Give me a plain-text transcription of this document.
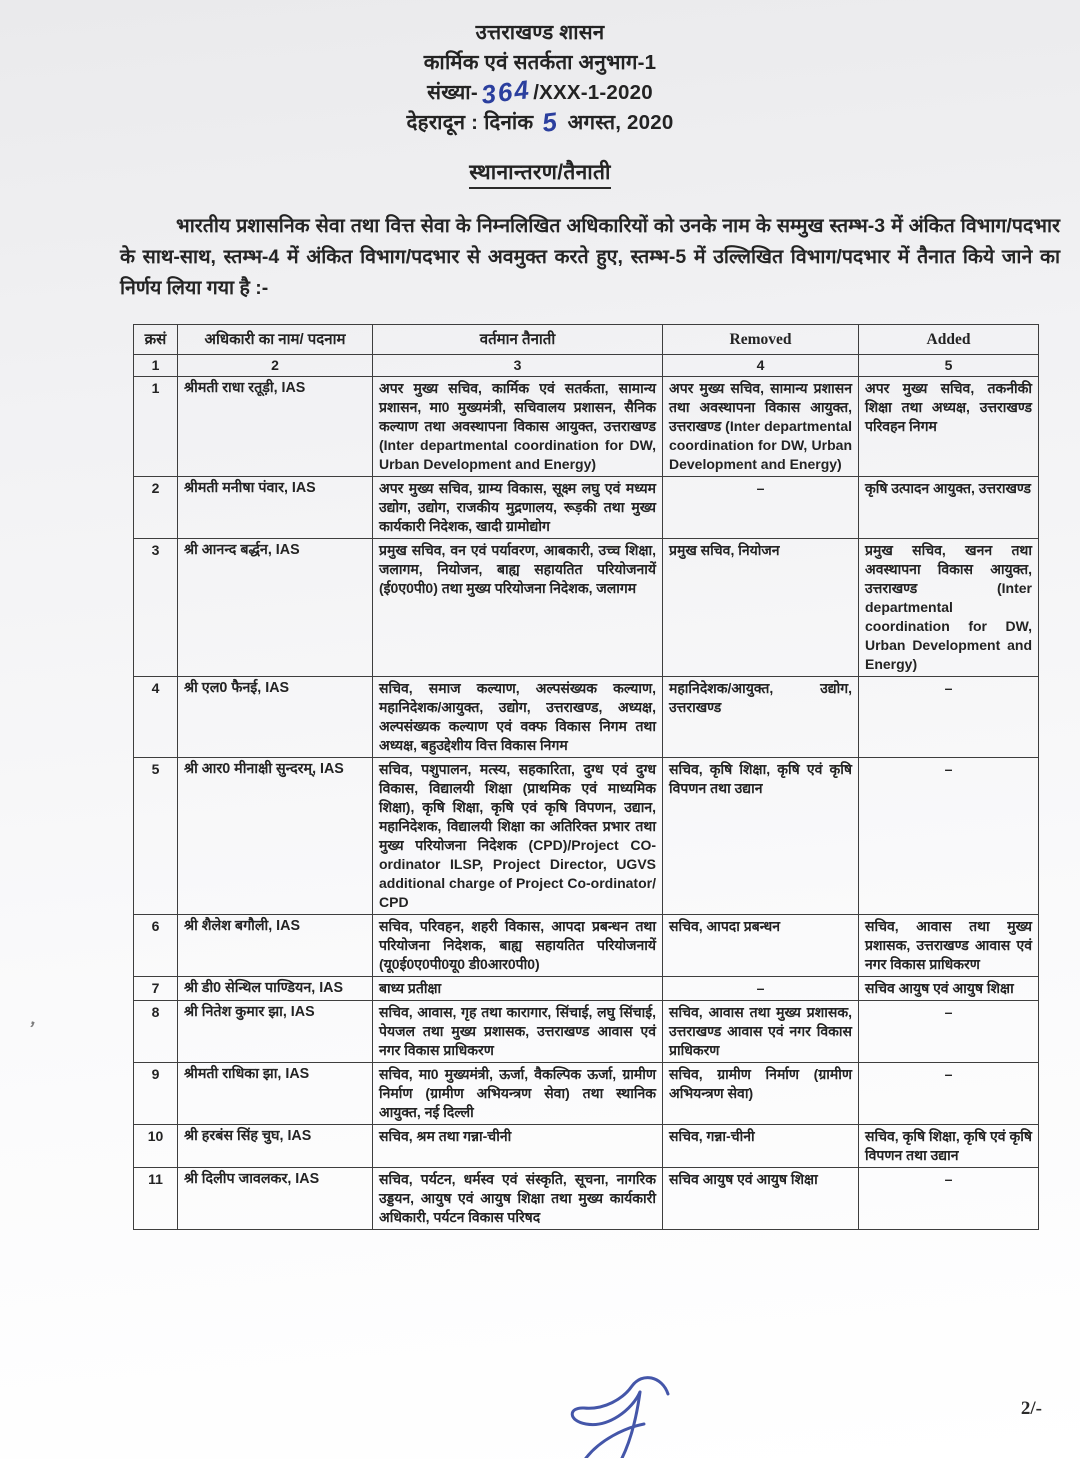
उत्तराखण्ड शासन
कार्मिक एवं सतर्कता अनुभाग-1
संख्या-364/XXX-1-2020
देहरादून : दिनांक 5 अगस्त, 2020
स्थानान्तरण/तैनाती

भारतीय प्रशासनिक सेवा तथा वित्त सेवा के निम्नलिखित अधिकारियों को उनके नाम के सम्मुख स्तम्भ-3 में अंकित विभाग/पदभार के साथ-साथ, स्तम्भ-4 में अंकित विभाग/पदभार से अवमुक्त करते हुए, स्तम्भ-5 में उल्लिखित विभाग/पदभार में तैनात किये जाने का निर्णय लिया गया है :-

क्रसं	अधिकारी का नाम/ पदनाम	वर्तमान तैनाती	Removed	Added
1	2	3	4	5
1	श्रीमती राधा रतूड़ी, IAS	अपर मुख्य सचिव, कार्मिक एवं सतर्कता, सामान्य प्रशासन, मा0 मुख्यमंत्री, सचिवालय प्रशासन, सैनिक कल्याण तथा अवस्थापना विकास आयुक्त, उत्तराखण्ड (Inter departmental coordination for DW, Urban Development and Energy)	अपर मुख्य सचिव, सामान्य प्रशासन तथा अवस्थापना विकास आयुक्त, उत्तराखण्ड (Inter departmental coordination for DW, Urban Development and Energy)	अपर मुख्य सचिव, तकनीकी शिक्षा तथा अध्यक्ष, उत्तराखण्ड परिवहन निगम
2	श्रीमती मनीषा पंवार, IAS	अपर मुख्य सचिव, ग्राम्य विकास, सूक्ष्म लघु एवं मध्यम उद्योग, उद्योग, राजकीय मुद्रणालय, रूड़की तथा मुख्य कार्यकारी निदेशक, खादी ग्रामोद्योग	–	कृषि उत्पादन आयुक्त, उत्तराखण्ड
3	श्री आनन्द बर्द्धन, IAS	प्रमुख सचिव, वन एवं पर्यावरण, आबकारी, उच्च शिक्षा, जलागम, नियोजन, बाह्य सहायतित परियोजनायें (ई0ए0पी0) तथा मुख्य परियोजना निदेशक, जलागम	प्रमुख सचिव, नियोजन	प्रमुख सचिव, खनन तथा अवस्थापना विकास आयुक्त, उत्तराखण्ड (Inter departmental coordination for DW, Urban Development and Energy)
4	श्री एल0 फैनई, IAS	सचिव, समाज कल्याण, अल्पसंख्यक कल्याण, महानिदेशक/आयुक्त, उद्योग, उत्तराखण्ड, अध्यक्ष, अल्पसंख्यक कल्याण एवं वक्फ विकास निगम तथा अध्यक्ष, बहुउद्देशीय वित्त विकास निगम	महानिदेशक/आयुक्त, उद्योग, उत्तराखण्ड	–
5	श्री आर0 मीनाक्षी सुन्दरम्, IAS	सचिव, पशुपालन, मत्स्य, सहकारिता, दुग्ध एवं दुग्ध विकास, विद्यालयी शिक्षा (प्राथमिक एवं माध्यमिक शिक्षा), कृषि शिक्षा, कृषि एवं कृषि विपणन, उद्यान, महानिदेशक, विद्यालयी शिक्षा का अतिरिक्त प्रभार तथा मुख्य परियोजना निदेशक (CPD)/Project CO-ordinator ILSP, Project Director, UGVS additional charge of Project Co-ordinator/ CPD	सचिव, कृषि शिक्षा, कृषि एवं कृषि विपणन तथा उद्यान	–
6	श्री शैलेश बगौली, IAS	सचिव, परिवहन, शहरी विकास, आपदा प्रबन्धन तथा परियोजना निदेशक, बाह्य सहायतित परियोजनायें (यू0ई0ए0पी0यू0 डी0आर0पी0)	सचिव, आपदा प्रबन्धन	सचिव, आवास तथा मुख्य प्रशासक, उत्तराखण्ड आवास एवं नगर विकास प्राधिकरण
7	श्री डी0 सेन्थिल पाण्डियन, IAS	बाध्य प्रतीक्षा	–	सचिव आयुष एवं आयुष शिक्षा
8	श्री नितेश कुमार झा, IAS	सचिव, आवास, गृह तथा कारागार, सिंचाई, लघु सिंचाई, पेयजल तथा मुख्य प्रशासक, उत्तराखण्ड आवास एवं नगर विकास प्राधिकरण	सचिव, आवास तथा मुख्य प्रशासक, उत्तराखण्ड आवास एवं नगर विकास प्राधिकरण	–
9	श्रीमती राधिका झा, IAS	सचिव, मा0 मुख्यमंत्री, ऊर्जा, वैकल्पिक ऊर्जा, ग्रामीण निर्माण (ग्रामीण अभियन्त्रण सेवा) तथा स्थानिक आयुक्त, नई दिल्ली	सचिव, ग्रामीण निर्माण (ग्रामीण अभियन्त्रण सेवा)	–
10	श्री हरबंस सिंह चुघ, IAS	सचिव, श्रम तथा गन्ना-चीनी	सचिव, गन्ना-चीनी	सचिव, कृषि शिक्षा, कृषि एवं कृषि विपणन तथा उद्यान
11	श्री दिलीप जावलकर, IAS	सचिव, पर्यटन, धर्मस्व एवं संस्कृति, सूचना, नागरिक उड्डयन, आयुष एवं आयुष शिक्षा तथा मुख्य कार्यकारी अधिकारी, पर्यटन विकास परिषद	सचिव आयुष एवं आयुष शिक्षा	–
’
2/-
